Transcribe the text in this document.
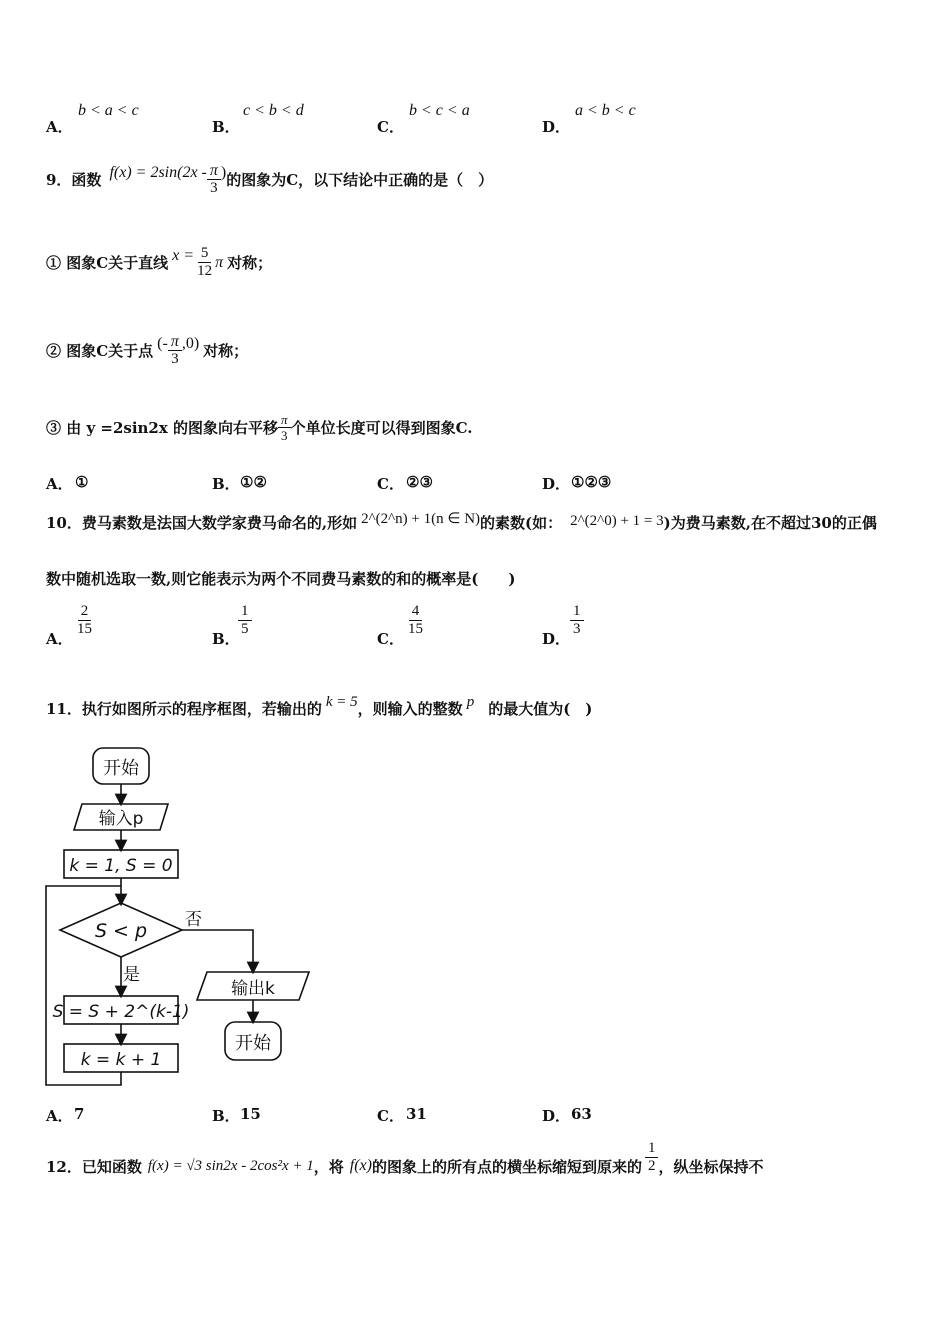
A．
b < a < c
B．
c < b < d
C．
b < c < a
D．
a < b < c
9．函数 $f(x) = 2\sin(2x - \frac{\pi}{3}$ ) 的图象为C，以下结论中正确的是（　）
① 图象C关于直线 $x = \frac{5}{12}$ π 对称；
② 图象C关于点 (- $\frac{\pi}{3} ,0$) 对称；
③ 由 y =2sin2x 的图象向右平移 $\frac{\pi}{3}$ 个单位长度可以得到图象C.
A． ①	B． ①②	C． ②③	D． ①②③
10．费马素数是法国大数学家费马命名的,形如 2^(2^n) + 1(n ∈ N) 的素数(如： 2^(2^0) + 1 = 3 )为费马素数,在不超过30的正偶
数中随机选取一数,则它能表示为两个不同费马素数的和的概率是(　　)
A．
$\frac{2}{15}$
B．
$\frac{1}{5}$
C．
$\frac{4}{15}$
D．
$\frac{1}{3}$
11．执行如图所示的程序框图，若输出的 k = 5 ，则输入的整数 p 的最大值为(　)
开始
输入p
k = 1, S = 0
S < p 否
是
S = S + 2^(k-1)
k = k + 1
输出k
开始
A． 7	B． 15	C． 31	D． 63
12．已知函数 f(x) = √3 sin2x - 2cos²x + 1 ，将 f(x) 的图象上的所有点的横坐标缩短到原来的 $\frac{1}{2}$ ，纵坐标保持不
